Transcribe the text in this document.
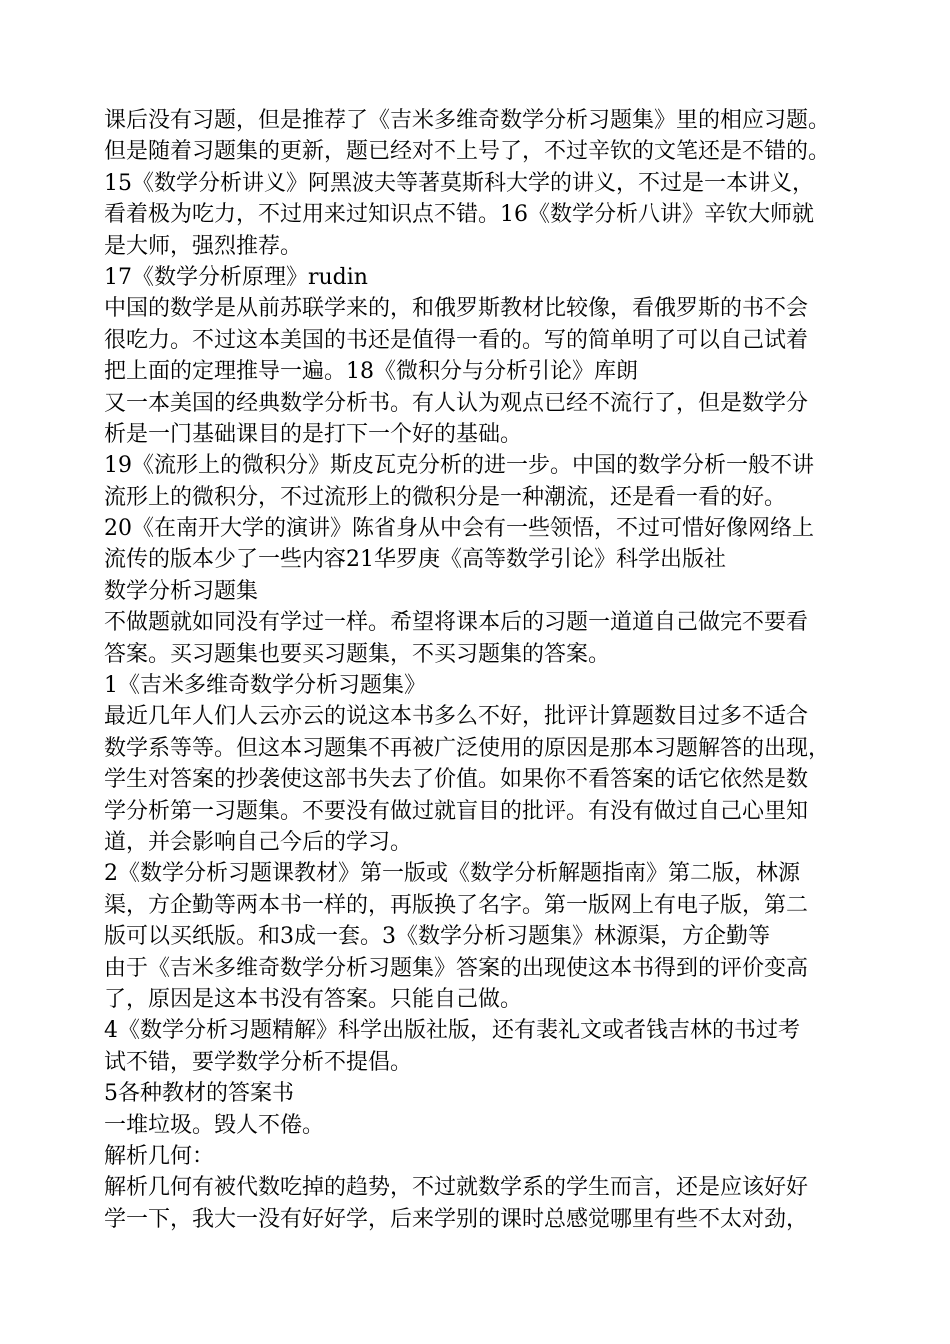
课后没有习题，但是推荐了《吉米多维奇数学分析习题集》里的相应习题。
但是随着习题集的更新，题已经对不上号了，不过辛钦的文笔还是不错的。
15《数学分析讲义》阿黑波夫等著莫斯科大学的讲义，不过是一本讲义，
看着极为吃力，不过用来过知识点不错。16《数学分析八讲》辛钦大师就
是大师，强烈推荐。
17《数学分析原理》rudin
中国的数学是从前苏联学来的，和俄罗斯教材比较像，看俄罗斯的书不会
很吃力。不过这本美国的书还是值得一看的。写的简单明了可以自己试着
把上面的定理推导一遍。18《微积分与分析引论》库朗
又一本美国的经典数学分析书。有人认为观点已经不流行了，但是数学分
析是一门基础课目的是打下一个好的基础。
19《流形上的微积分》斯皮瓦克分析的进一步。中国的数学分析一般不讲
流形上的微积分，不过流形上的微积分是一种潮流，还是看一看的好。
20《在南开大学的演讲》陈省身从中会有一些领悟，不过可惜好像网络上
流传的版本少了一些内容21华罗庚《高等数学引论》科学出版社
数学分析习题集
不做题就如同没有学过一样。希望将课本后的习题一道道自己做完不要看
答案。买习题集也要买习题集，不买习题集的答案。
1《吉米多维奇数学分析习题集》
最近几年人们人云亦云的说这本书多么不好，批评计算题数目过多不适合
数学系等等。但这本习题集不再被广泛使用的原因是那本习题解答的出现，
学生对答案的抄袭使这部书失去了价值。如果你不看答案的话它依然是数
学分析第一习题集。不要没有做过就盲目的批评。有没有做过自己心里知
道，并会影响自己今后的学习。
2《数学分析习题课教材》第一版或《数学分析解题指南》第二版，林源
渠，方企勤等两本书一样的，再版换了名字。第一版网上有电子版，第二
版可以买纸版。和3成一套。3《数学分析习题集》林源渠，方企勤等
由于《吉米多维奇数学分析习题集》答案的出现使这本书得到的评价变高
了，原因是这本书没有答案。只能自己做。
4《数学分析习题精解》科学出版社版，还有裴礼文或者钱吉林的书过考
试不错，要学数学分析不提倡。
5各种教材的答案书
一堆垃圾。毁人不倦。
解析几何：
解析几何有被代数吃掉的趋势，不过就数学系的学生而言，还是应该好好
学一下，我大一没有好好学，后来学别的课时总感觉哪里有些不太对劲，
